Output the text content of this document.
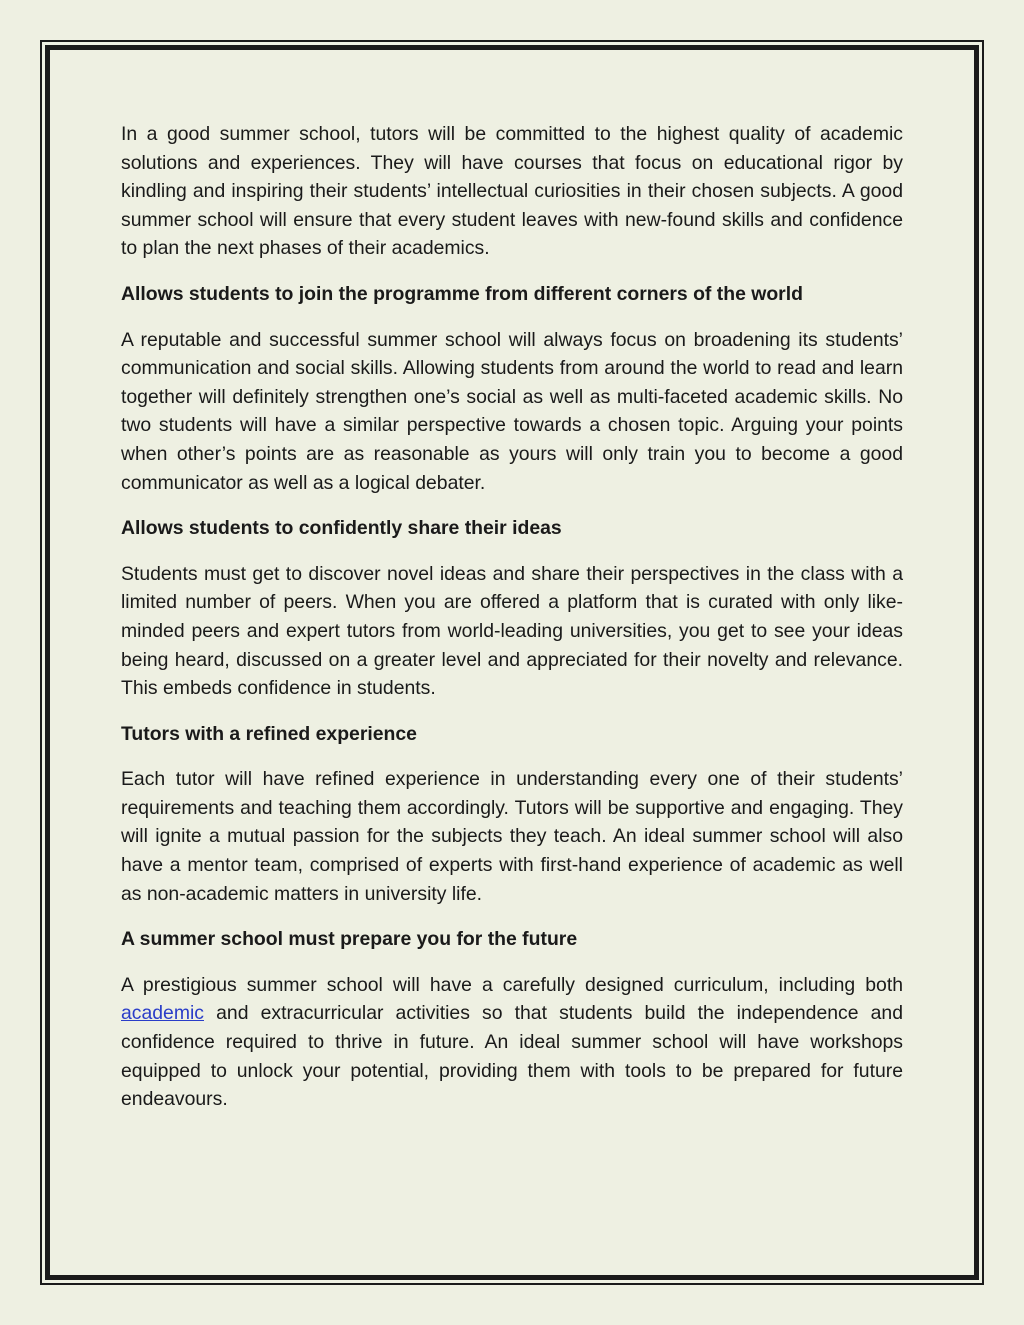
In a good summer school, tutors will be committed to the highest quality of academic solutions and experiences. They will have courses that focus on educational rigor by kindling and inspiring their students’ intellectual curiosities in their chosen subjects. A good summer school will ensure that every student leaves with new-found skills and confidence to plan the next phases of their academics.

Allows students to join the programme from different corners of the world

A reputable and successful summer school will always focus on broadening its students’ communication and social skills. Allowing students from around the world to read and learn together will definitely strengthen one’s social as well as multi-faceted academic skills. No two students will have a similar perspective towards a chosen topic. Arguing your points when other’s points are as reasonable as yours will only train you to become a good communicator as well as a logical debater.

Allows students to confidently share their ideas

Students must get to discover novel ideas and share their perspectives in the class with a limited number of peers. When you are offered a platform that is curated with only like-minded peers and expert tutors from world-leading universities, you get to see your ideas being heard, discussed on a greater level and appreciated for their novelty and relevance. This embeds confidence in students.

Tutors with a refined experience

Each tutor will have refined experience in understanding every one of their students’ requirements and teaching them accordingly. Tutors will be supportive and engaging. They will ignite a mutual passion for the subjects they teach. An ideal summer school will also have a mentor team, comprised of experts with first-hand experience of academic as well as non-academic matters in university life.

A summer school must prepare you for the future

A prestigious summer school will have a carefully designed curriculum, including both academic and extracurricular activities so that students build the independence and confidence required to thrive in future. An ideal summer school will have workshops equipped to unlock your potential, providing them with tools to be prepared for future endeavours.
